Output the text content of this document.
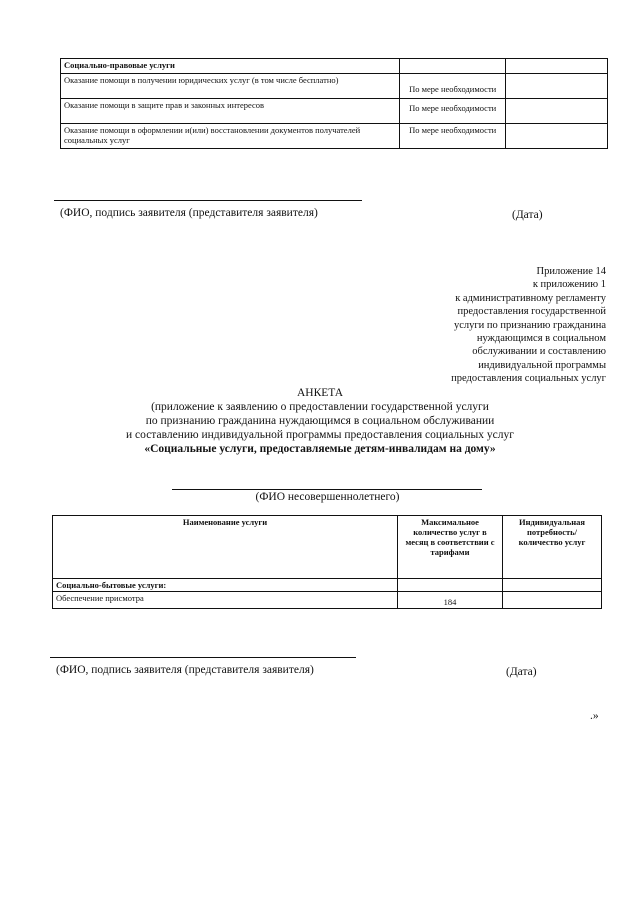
Социально-правовые услуги		
Оказание помощи в получении юридических услуг (в том числе бесплатно)	По мере необходимости	
Оказание помощи в защите прав и законных интересов	По мере необходимости	
Оказание помощи в оформлении и(или) восстановлении документов получателей социальных услуг	По мере необходимости	
(ФИО, подпись заявителя (представителя заявителя)	(Дата)
Приложение 14
к приложению 1
к административному регламенту
предоставления государственной
услуги по признанию гражданина
нуждающимся в социальном
обслуживании и составлению
индивидуальной программы
предоставления социальных услуг
АНКЕТА
(приложение к заявлению о предоставлении государственной услуги
по признанию гражданина нуждающимся в социальном обслуживании
и составлению индивидуальной программы предоставления социальных услуг
«Социальные услуги, предоставляемые детям-инвалидам на дому»
(ФИО несовершеннолетнего)
Наименование услуги	Максимальное количество услуг в месяц в соответствии с тарифами	Индивидуальная потребность/ количество услуг
Социально-бытовые услуги:		
Обеспечение присмотра	184	
(ФИО, подпись заявителя (представителя заявителя)	(Дата)
.»
